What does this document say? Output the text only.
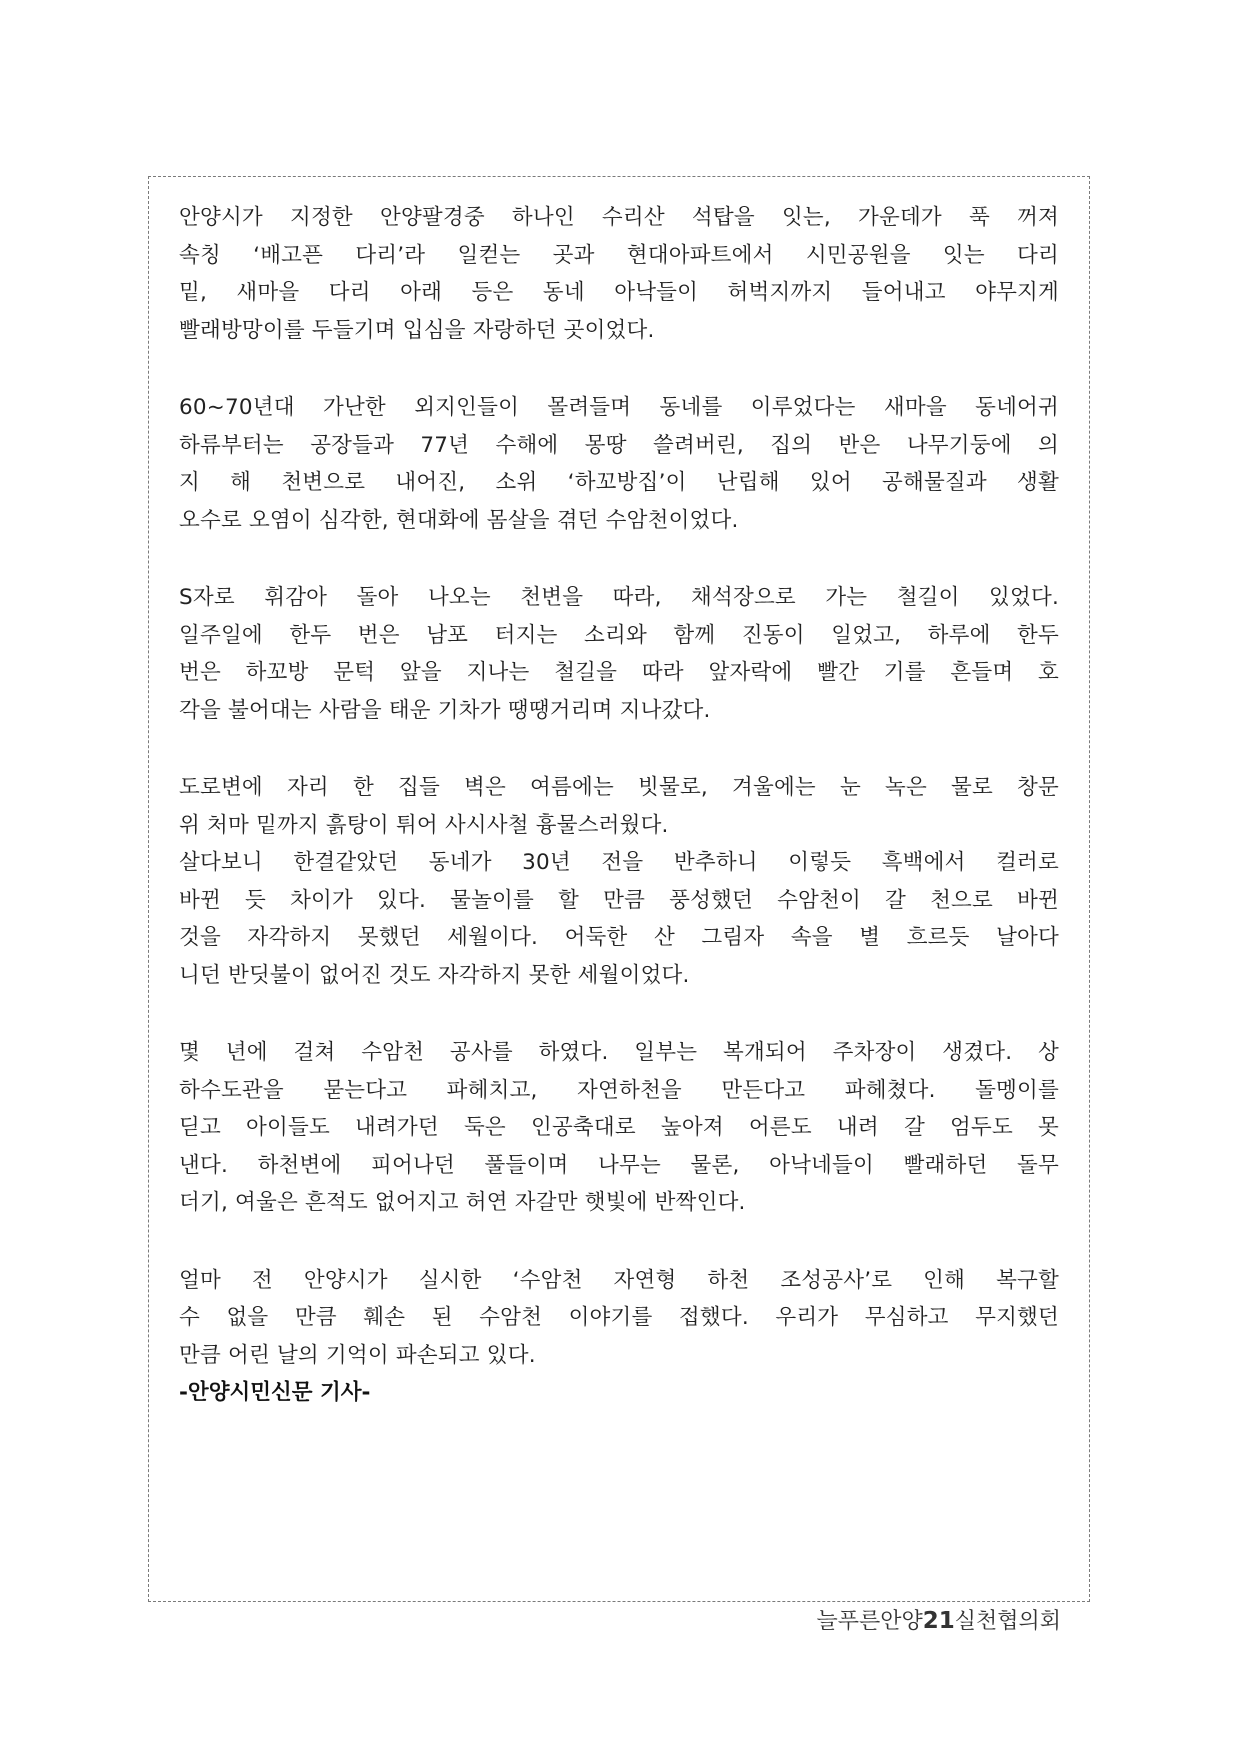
안양시가 지정한 안양팔경중 하나인 수리산 석탑을 잇는, 가운데가 푹 꺼져
속칭 ‘배고픈 다리’라 일컫는 곳과 현대아파트에서 시민공원을 잇는 다리
밑, 새마을 다리 아래 등은 동네 아낙들이 허벅지까지 들어내고 야무지게
빨래방망이를 두들기며 입심을 자랑하던 곳이었다.
60~70년대 가난한 외지인들이 몰려들며 동네를 이루었다는 새마을 동네어귀
하류부터는 공장들과 77년 수해에 몽땅 쓸려버린, 집의 반은 나무기둥에 의
지 해 천변으로 내어진, 소위 ‘하꼬방집’이 난립해 있어 공해물질과 생활
오수로 오염이 심각한, 현대화에 몸살을 겪던 수암천이었다.
S자로 휘감아 돌아 나오는 천변을 따라, 채석장으로 가는 철길이 있었다.
일주일에 한두 번은 남포 터지는 소리와 함께 진동이 일었고, 하루에 한두
번은 하꼬방 문턱 앞을 지나는 철길을 따라 앞자락에 빨간 기를 흔들며 호
각을 불어대는 사람을 태운 기차가 땡땡거리며 지나갔다.
도로변에 자리 한 집들 벽은 여름에는 빗물로, 겨울에는 눈 녹은 물로 창문
위 처마 밑까지 흙탕이 튀어 사시사철 흉물스러웠다.
살다보니 한결같았던 동네가 30년 전을 반추하니 이렇듯 흑백에서 컬러로
바뀐 듯 차이가 있다. 물놀이를 할 만큼 풍성했던 수암천이 갈 천으로 바뀐
것을 자각하지 못했던 세월이다. 어둑한 산 그림자 속을 별 흐르듯 날아다
니던 반딧불이 없어진 것도 자각하지 못한 세월이었다.
몇 년에 걸쳐 수암천 공사를 하였다. 일부는 복개되어 주차장이 생겼다. 상
하수도관을 묻는다고 파헤치고, 자연하천을 만든다고 파헤쳤다. 돌멩이를
딛고 아이들도 내려가던 둑은 인공축대로 높아져 어른도 내려 갈 엄두도 못
낸다. 하천변에 피어나던 풀들이며 나무는 물론, 아낙네들이 빨래하던 돌무
더기, 여울은 흔적도 없어지고 허연 자갈만 햇빛에 반짝인다.
얼마 전 안양시가 실시한 ‘수암천 자연형 하천 조성공사’로 인해 복구할
수 없을 만큼 훼손 된 수암천 이야기를 접했다. 우리가 무심하고 무지했던
만큼 어린 날의 기억이 파손되고 있다.
-안양시민신문 기사-
늘푸른안양21실천협의회
